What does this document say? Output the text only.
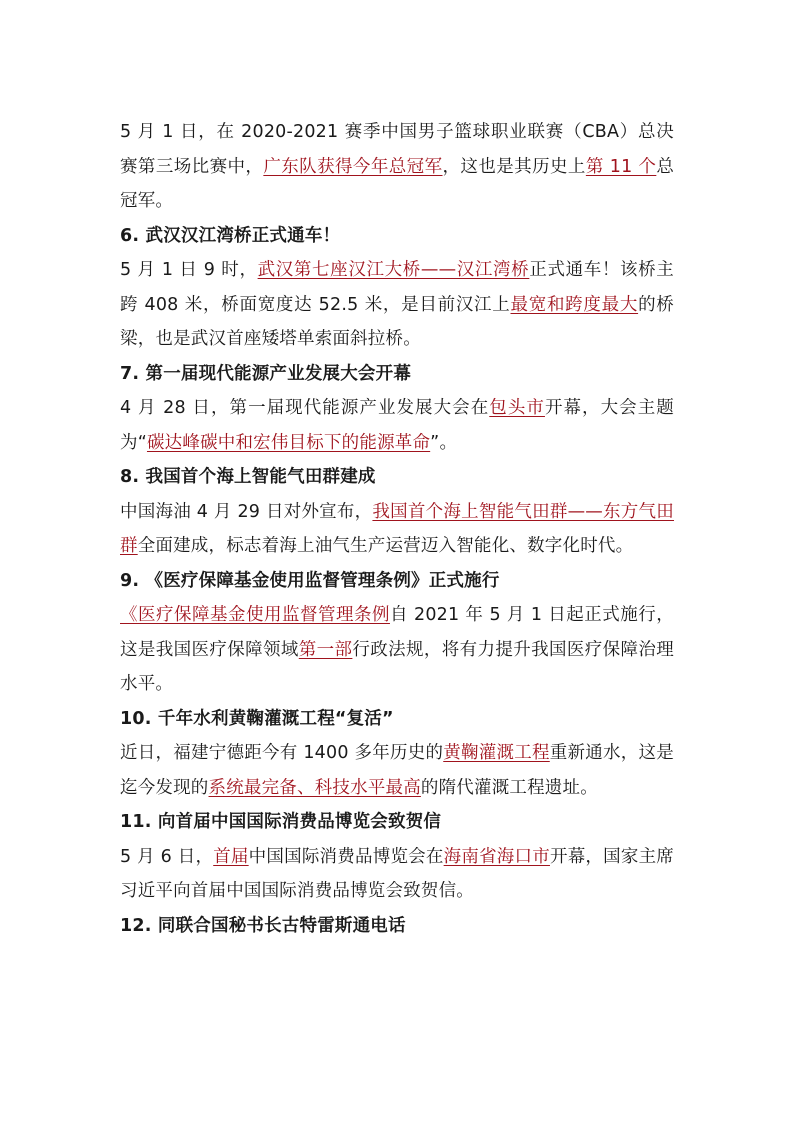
5 月 1 日，在 2020-2021 赛季中国男子篮球职业联赛（CBA）总决赛第三场比赛中，广东队获得今年总冠军，这也是其历史上第 11 个总冠军。

6. 武汉汉江湾桥正式通车！

5 月 1 日 9 时，武汉第七座汉江大桥——汉江湾桥正式通车！该桥主跨 408 米，桥面宽度达 52.5 米，是目前汉江上最宽和跨度最大的桥梁，也是武汉首座矮塔单索面斜拉桥。

7. 第一届现代能源产业发展大会开幕

4 月 28 日，第一届现代能源产业发展大会在包头市开幕，大会主题为“碳达峰碳中和宏伟目标下的能源革命”。

8. 我国首个海上智能气田群建成

中国海油 4 月 29 日对外宣布，我国首个海上智能气田群——东方气田群全面建成，标志着海上油气生产运营迈入智能化、数字化时代。

9. 《医疗保障基金使用监督管理条例》正式施行

《医疗保障基金使用监督管理条例自 2021 年 5 月 1 日起正式施行，这是我国医疗保障领域第一部行政法规，将有力提升我国医疗保障治理水平。

10. 千年水利黄鞠灌溉工程“复活”

近日，福建宁德距今有 1400 多年历史的黄鞠灌溉工程重新通水，这是迄今发现的系统最完备、科技水平最高的隋代灌溉工程遗址。

11. 向首届中国国际消费品博览会致贺信

5 月 6 日，首届中国国际消费品博览会在海南省海口市开幕，国家主席习近平向首届中国国际消费品博览会致贺信。

12. 同联合国秘书长古特雷斯通电话
